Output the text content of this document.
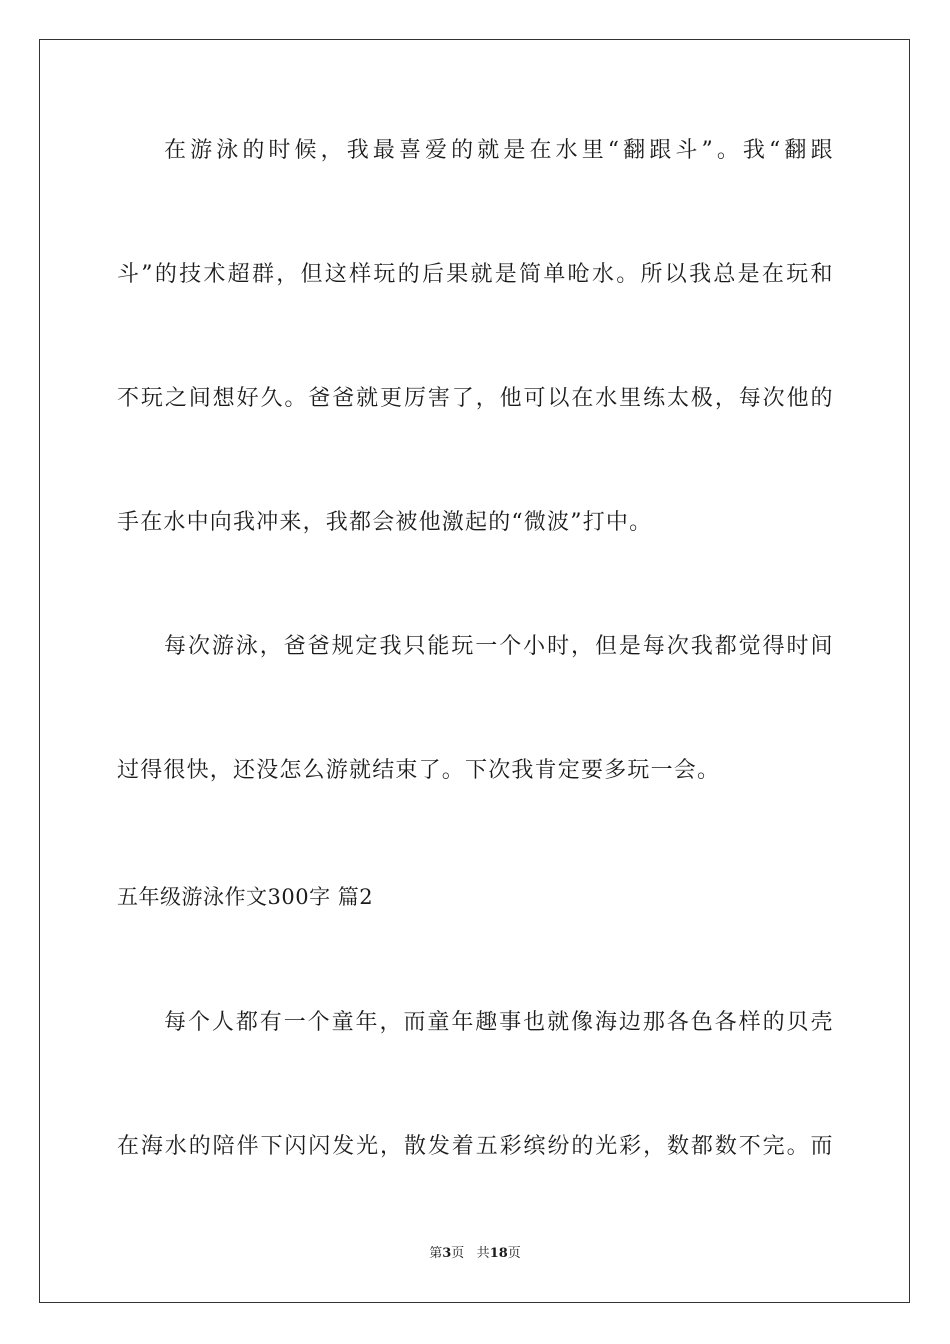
在游泳的时候，我最喜爱的就是在水里“翻跟斗”。我“翻跟
斗”的技术超群，但这样玩的后果就是简单呛水。所以我总是在玩和
不玩之间想好久。爸爸就更厉害了，他可以在水里练太极，每次他的
手在水中向我冲来，我都会被他激起的“微波”打中。
每次游泳，爸爸规定我只能玩一个小时，但是每次我都觉得时间
过得很快，还没怎么游就结束了。下次我肯定要多玩一会。
五年级游泳作文300字 篇2
每个人都有一个童年，而童年趣事也就像海边那各色各样的贝壳
在海水的陪伴下闪闪发光，散发着五彩缤纷的光彩，数都数不完。而
第3页 共18页
